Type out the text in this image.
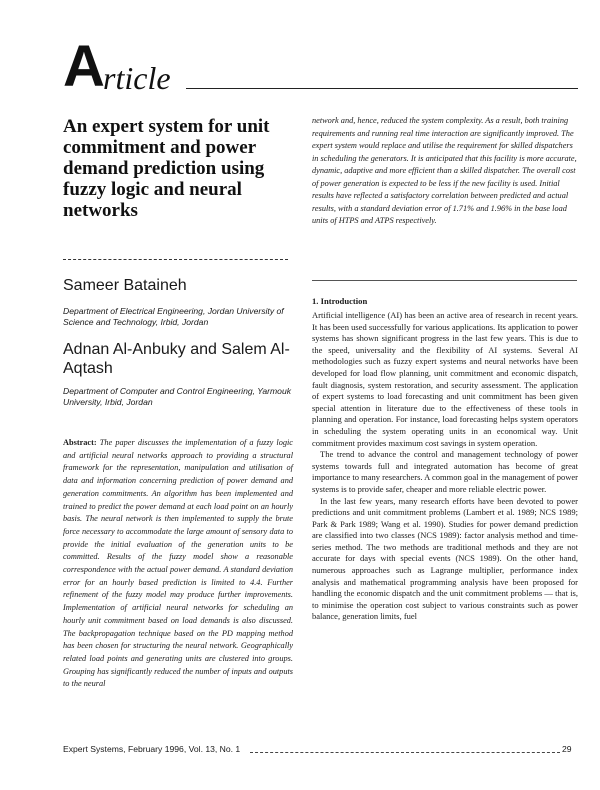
A
rticle
An expert system for unit commitment and power demand prediction using fuzzy logic and neural networks
Sameer Bataineh
Department of Electrical Engineering, Jordan University of Science and Technology, Irbid, Jordan
Adnan Al-Anbuky and Salem Al-Aqtash
Department of Computer and Control Engineering, Yarmouk University, Irbid, Jordan

Abstract: The paper discusses the implementation of a fuzzy logic and artificial neural networks approach to providing a structural framework for the representation, manipulation and utilisation of data and information concerning prediction of power demand and generation commitments. An algorithm has been implemented and trained to predict the power demand at each load point on an hourly basis. The neural network is then implemented to supply the brute force necessary to accommodate the large amount of sensory data to provide the initial evaluation of the generation units to be committed. Results of the fuzzy model show a reasonable correspondence with the actual power demand. A standard deviation error for an hourly based prediction is limited to 4.4. Further refinement of the fuzzy model may produce further improvements. Implementation of artificial neural networks for scheduling an hourly unit commitment based on load demands is also discussed. The backpropagation technique based on the PD mapping method has been chosen for structuring the neural network. Geographically related load points and generating units are clustered into groups. Grouping has significantly reduced the number of inputs and outputs to the neural

network and, hence, reduced the system complexity. As a result, both training requirements and running real time interaction are significantly improved. The expert system would replace and utilise the requirement for skilled dispatchers in scheduling the generators. It is anticipated that this facility is more accurate, dynamic, adaptive and more efficient than a skilled dispatcher. The overall cost of power generation is expected to be less if the new facility is used. Initial results have reflected a satisfactory correlation between predicted and actual results, with a standard deviation error of 1.71% and 1.96% in the base load units of HTPS and ATPS respectively.

1. Introduction

Artificial intelligence (AI) has been an active area of research in recent years. It has been used successfully for various applications. Its application to power systems has shown significant progress in the last few years. This is due to the speed, universality and the flexibility of AI systems. Several AI methodologies such as fuzzy expert systems and neural networks have been developed for load flow planning, unit commitment and economic dispatch, fault diagnosis, system restoration, and security assessment. The application of expert systems to load forecasting and unit commitment has been given special attention in literature due to the effectiveness of these tools in planning and operation. For instance, load forecasting helps system operators in scheduling the system operating units in an economical way. Unit commitment provides maximum cost savings in system operation.

The trend to advance the control and management technology of power systems towards full and integrated automation has become of great importance to many researchers. A common goal in the management of power systems is to provide safer, cheaper and more reliable electric power.

In the last few years, many research efforts have been devoted to power predictions and unit commitment problems (Lambert et al. 1989; NCS 1989; Park & Park 1989; Wang et al. 1990). Studies for power demand prediction are classified into two classes (NCS 1989): factor analysis method and time-series method. The two methods are traditional methods and they are not accurate for days with special events (NCS 1989). On the other hand, numerous approaches such as Lagrange multiplier, performance index analysis and mathematical programming analysis have been proposed for handling the economic dispatch and the unit commitment problems — that is, to minimise the operation cost subject to various constraints such as power balance, generation limits, fuel

Expert Systems, February 1996, Vol. 13, No. 1	29
